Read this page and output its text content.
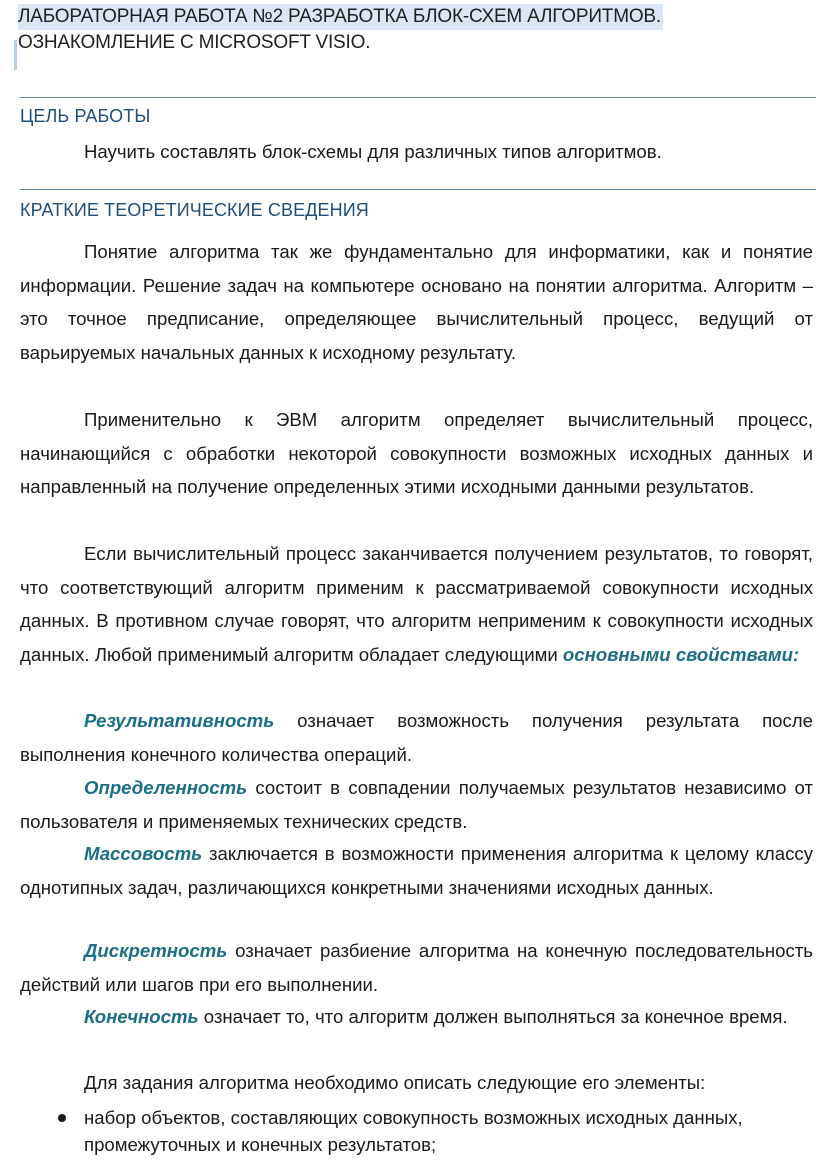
ЛАБОРАТОРНАЯ РАБОТА №2 РАЗРАБОТКА БЛОК-СХЕМ АЛГОРИТМОВ.

ОЗНАКОМЛЕНИЕ С MICROSOFT VISIO.
ЦЕЛЬ РАБОТЫ

Научить составлять блок-схемы для различных типов алгоритмов.

КРАТКИЕ ТЕОРЕТИЧЕСКИЕ СВЕДЕНИЯ

Понятие алгоритма так же фундаментально для информатики, как и понятие информации. Решение задач на компьютере основано на понятии алгоритма. Алгоритм – это точное предписание, определяющее вычислительный процесс, ведущий от варьируемых начальных данных к исходному результату.

Применительно к ЭВМ алгоритм определяет вычислительный процесс, начинающийся с обработки некоторой совокупности возможных исходных данных и направленный на получение определенных этими исходными данными результатов.

Если вычислительный процесс заканчивается получением результатов, то говорят, что соответствующий алгоритм применим к рассматриваемой совокупности исходных данных. В противном случае говорят, что алгоритм неприменим к совокупности исходных данных. Любой применимый алгоритм обладает следующими основными свойствами:

Результативность означает возможность получения результата после выполнения конечного количества операций.

Определенность состоит в совпадении получаемых результатов независимо от пользователя и применяемых технических средств.

Массовость заключается в возможности применения алгоритма к целому классу однотипных задач, различающихся конкретными значениями исходных данных.

Дискретность означает разбиение алгоритма на конечную последовательность действий или шагов при его выполнении.

Конечность означает то, что алгоритм должен выполняться за конечное время.

Для задания алгоритма необходимо описать следующие его элементы:

набор объектов, составляющих совокупность возможных исходных данных, промежуточных и конечных результатов;
